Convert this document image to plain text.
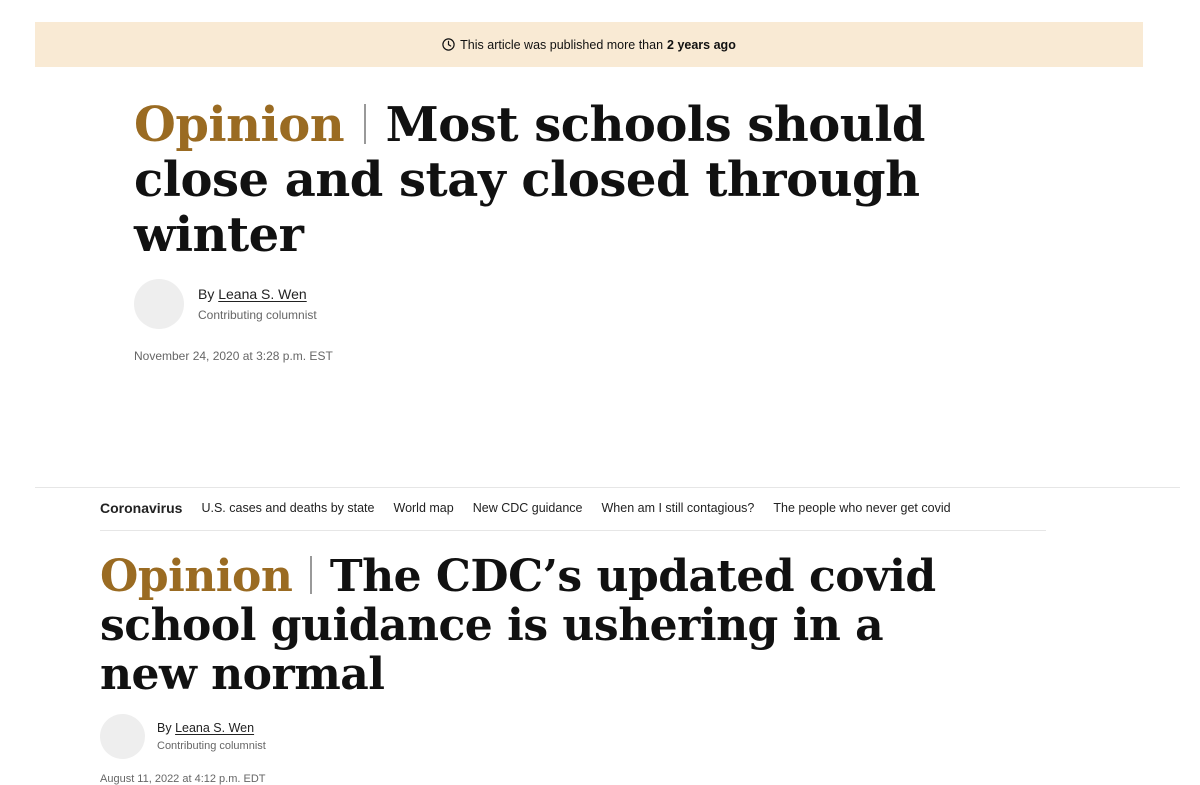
This article was published more than 2 years ago
Opinion Most schools should close and stay closed through winter
By Leana S. Wen
Contributing columnist
November 24, 2020 at 3:28 p.m. EST
Coronavirus U.S. cases and deaths by state World map New CDC guidance When am I still contagious? The people who never get covid
Opinion The CDC’s updated covid school guidance is ushering in a new normal
By Leana S. Wen
Contributing columnist
August 11, 2022 at 4:12 p.m. EDT
